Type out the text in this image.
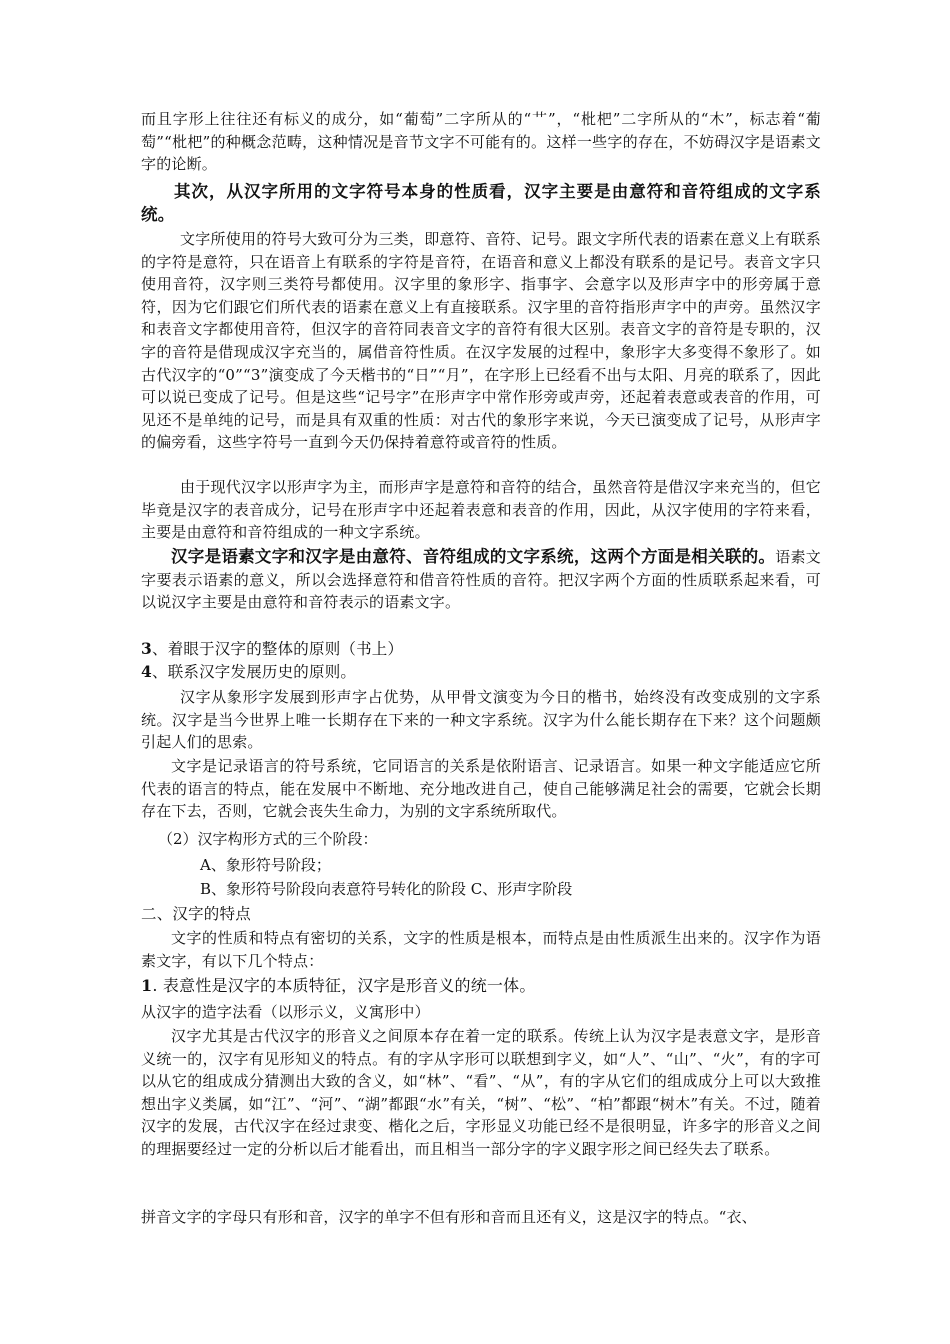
而且字形上往往还有标义的成分，如“葡萄”二字所从的“艹”，“枇杷”二字所从的“木”，标志着“葡萄”“枇杷”的种概念范畴，这种情况是音节文字不可能有的。这样一些字的存在，不妨碍汉字是语素文字的论断。
其次，从汉字所用的文字符号本身的性质看，汉字主要是由意符和音符组成的文字系统。
文字所使用的符号大致可分为三类，即意符、音符、记号。跟文字所代表的语素在意义上有联系的字符是意符，只在语音上有联系的字符是音符，在语音和意义上都没有联系的是记号。表音文字只使用音符，汉字则三类符号都使用。汉字里的象形字、指事字、会意字以及形声字中的形旁属于意符，因为它们跟它们所代表的语素在意义上有直接联系。汉字里的音符指形声字中的声旁。虽然汉字和表音文字都使用音符，但汉字的音符同表音文字的音符有很大区别。表音文字的音符是专职的，汉字的音符是借现成汉字充当的，属借音符性质。在汉字发展的过程中，象形字大多变得不象形了。如古代汉字的“0”“3”演变成了今天楷书的“日”“月”，在字形上已经看不出与太阳、月亮的联系了，因此可以说已变成了记号。但是这些“记号字”在形声字中常作形旁或声旁，还起着表意或表音的作用，可见还不是单纯的记号，而是具有双重的性质：对古代的象形字来说，今天已演变成了记号，从形声字的偏旁看，这些字符号一直到今天仍保持着意符或音符的性质。
由于现代汉字以形声字为主，而形声字是意符和音符的结合，虽然音符是借汉字来充当的，但它毕竟是汉字的表音成分，记号在形声字中还起着表意和表音的作用，因此，从汉字使用的字符来看，主要是由意符和音符组成的一种文字系统。
汉字是语素文字和汉字是由意符、音符组成的文字系统，这两个方面是相关联的。语素文字要表示语素的意义，所以会选择意符和借音符性质的音符。把汉字两个方面的性质联系起来看，可以说汉字主要是由意符和音符表示的语素文字。
3、着眼于汉字的整体的原则（书上）
4、联系汉字发展历史的原则。
汉字从象形字发展到形声字占优势，从甲骨文演变为今日的楷书，始终没有改变成别的文字系统。汉字是当今世界上唯一长期存在下来的一种文字系统。汉字为什么能长期存在下来？这个问题颇引起人们的思索。
文字是记录语言的符号系统，它同语言的关系是依附语言、记录语言。如果一种文字能适应它所代表的语言的特点，能在发展中不断地、充分地改进自己，使自己能够满足社会的需要，它就会长期存在下去，否则，它就会丧失生命力，为别的文字系统所取代。
（2）汉字构形方式的三个阶段：
A、象形符号阶段；
B、象形符号阶段向表意符号转化的阶段 C、形声字阶段
二、汉字的特点
文字的性质和特点有密切的关系，文字的性质是根本，而特点是由性质派生出来的。汉字作为语素文字，有以下几个特点：
1. 表意性是汉字的本质特征，汉字是形音义的统一体。
从汉字的造字法看（以形示义，义寓形中）
汉字尤其是古代汉字的形音义之间原本存在着一定的联系。传统上认为汉字是表意文字，是形音义统一的，汉字有见形知义的特点。有的字从字形可以联想到字义，如“人”、“山”、“火”，有的字可以从它的组成成分猜测出大致的含义，如“林”、“看”、“从”，有的字从它们的组成成分上可以大致推想出字义类属，如“江”、“河”、“湖”都跟“水”有关，“树”、“松”、“柏”都跟“树木”有关。不过，随着汉字的发展，古代汉字在经过隶变、楷化之后，字形显义功能已经不是很明显，许多字的形音义之间的理据要经过一定的分析以后才能看出，而且相当一部分字的字义跟字形之间已经失去了联系。
拼音文字的字母只有形和音，汉字的单字不但有形和音而且还有义，这是汉字的特点。“衣、
